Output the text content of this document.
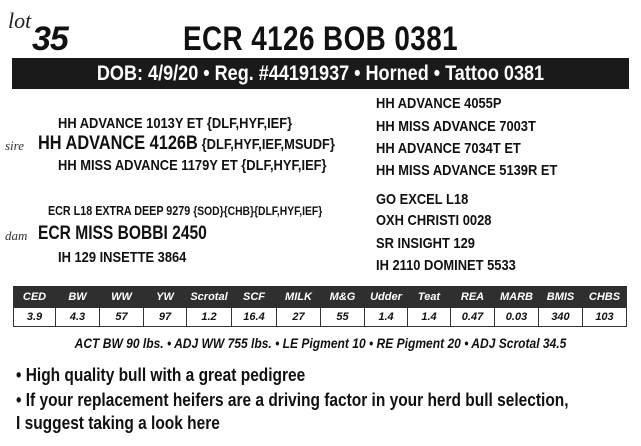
lot 35	ECR 4126 BOB 0381
DOB: 4/9/20 • Reg. #44191937 • Horned • Tattoo 0381
HH ADVANCE 1013Y ET {DLF,HYF,IEF}
sire HH ADVANCE 4126B {DLF,HYF,IEF,MSUDF}
HH MISS ADVANCE 1179Y ET {DLF,HYF,IEF}
ECR L18 EXTRA DEEP 9279 {SOD}{CHB}{DLF,HYF,IEF}
dam ECR MISS BOBBI 2450
IH 129 INSETTE 3864
HH ADVANCE 4055P
HH MISS ADVANCE 7003T
HH ADVANCE 7034T ET
HH MISS ADVANCE 5139R ET
GO EXCEL L18
OXH CHRISTI 0028
SR INSIGHT 129
IH 2110 DOMINET 5533
CED	BW	WW	YW	Scrotal	SCF	MILK	M&G	Udder	Teat	REA	MARB	BMIS	CHBS
3.9	4.3	57	97	1.2	16.4	27	55	1.4	1.4	0.47	0.03	340	103
ACT BW 90 lbs. • ADJ WW 755 lbs. • LE Pigment 10 • RE Pigment 20 • ADJ Scrotal 34.5
• High quality bull with a great pedigree
• If your replacement heifers are a driving factor in your herd bull selection,
I suggest taking a look here
